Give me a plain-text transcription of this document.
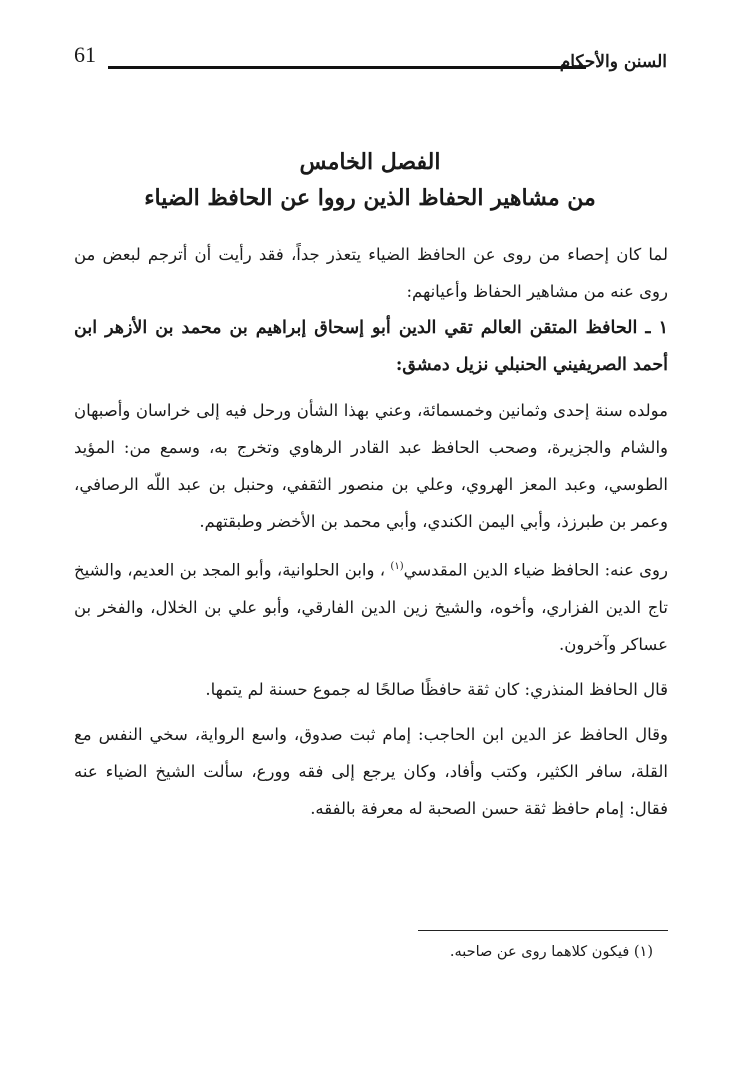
61	السنن والأحكام
الفصل الخامس
من مشاهير الحفاظ الذين رووا عن الحافظ الضياء

لما كان إحصاء من روى عن الحافظ الضياء يتعذر جداً، فقد رأيت أن أترجم لبعض من روى عنه من مشاهير الحفاظ وأعيانهم:

١ ـ الحافظ المتقن العالم تقي الدين أبو إسحاق إبراهيم بن محمد بن الأزهر ابن أحمد الصريفيني الحنبلي نزيل دمشق:

مولده سنة إحدى وثمانين وخمسمائة، وعني بهذا الشأن ورحل فيه إلى خراسان وأصبهان والشام والجزيرة، وصحب الحافظ عبد القادر الرهاوي وتخرج به، وسمع من: المؤيد الطوسي، وعبد المعز الهروي، وعلي بن منصور الثقفي، وحنبل بن عبد اللّه الرصافي، وعمر بن طبرزذ، وأبي اليمن الكندي، وأبي محمد بن الأخضر وطبقتهم.

روى عنه: الحافظ ضياء الدين المقدسي$^{(١)}$ ، وابن الحلوانية، وأبو المجد بن العديم، والشيخ تاج الدين الفزاري، وأخوه، والشيخ زين الدين الفارقي، وأبو علي بن الخلال، والفخر بن عساكر وآخرون.

قال الحافظ المنذري: كان ثقة حافظًا صالحًا له جموع حسنة لم يتمها.

وقال الحافظ عز الدين ابن الحاجب: إمام ثبت صدوق، واسع الرواية، سخي النفس مع القلة، سافر الكثير، وكتب وأفاد، وكان يرجع إلى فقه وورع، سألت الشيخ الضياء عنه فقال: إمام حافظ ثقة حسن الصحبة له معرفة بالفقه.

(١) فيكون كلاهما روى عن صاحبه.
